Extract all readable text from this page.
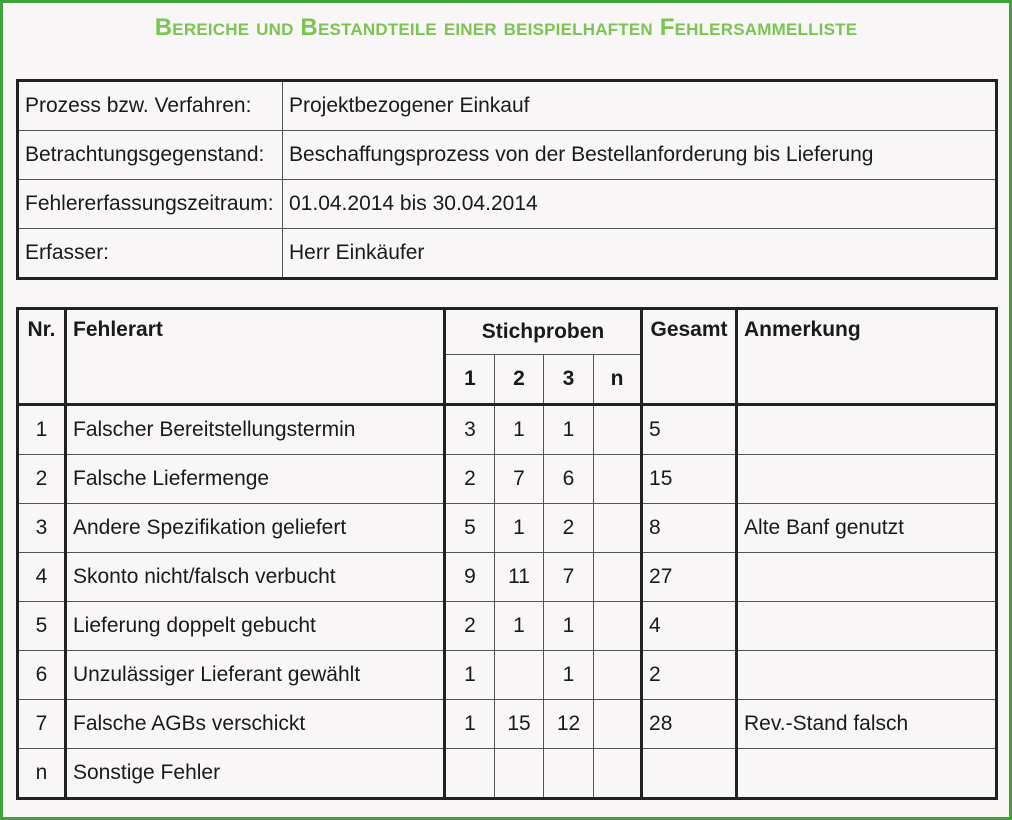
Bereiche und Bestandteile einer beispielhaften Fehlersammelliste
Prozess bzw. Verfahren:	Projektbezogener Einkauf
Betrachtungsgegenstand:	Beschaffungsprozess von der Bestellanforderung bis Lieferung
Fehlererfassungszeitraum:	01.04.2014 bis 30.04.2014
Erfasser:	Herr Einkäufer
Nr.	Fehlerart	Stichproben				Gesamt	Anmerkung
		1	2	3	n		
1	Falscher Bereitstellungstermin	3	1	1		5	
2	Falsche Liefermenge	2	7	6		15	
3	Andere Spezifikation geliefert	5	1	2		8	Alte Banf genutzt
4	Skonto nicht/falsch verbucht	9	11	7		27	
5	Lieferung doppelt gebucht	2	1	1		4	
6	Unzulässiger Lieferant gewählt	1		1		2	
7	Falsche AGBs verschickt	1	15	12		28	Rev.-Stand falsch
n	Sonstige Fehler						
